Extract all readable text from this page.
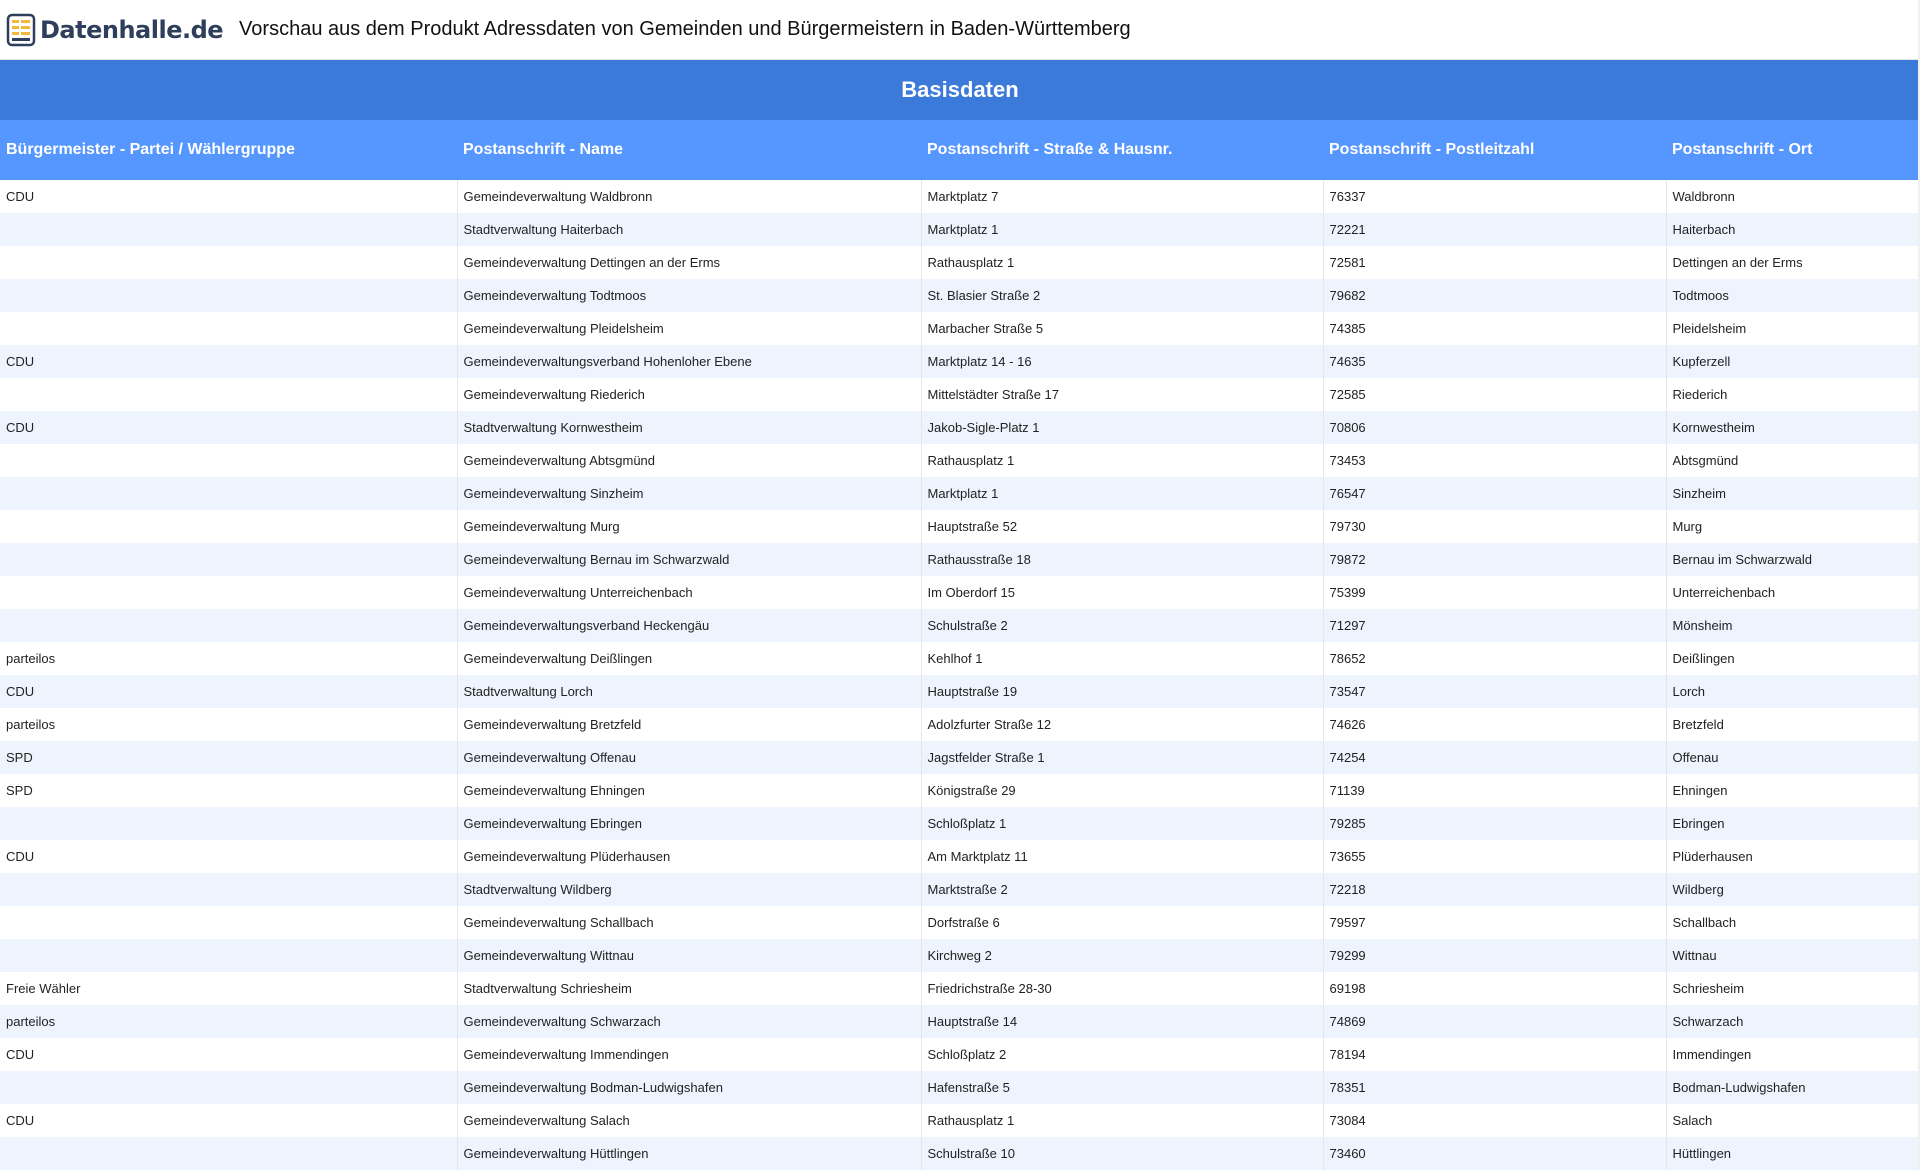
Datenhalle.de Vorschau aus dem Produkt Adressdaten von Gemeinden und Bürgermeistern in Baden-Württemberg
Basisdaten
Bürgermeister - Partei / Wählergruppe	Postanschrift - Name	Postanschrift - Straße & Hausnr.	Postanschrift - Postleitzahl	Postanschrift - Ort
CDU	Gemeindeverwaltung Waldbronn	Marktplatz 7	76337	Waldbronn
	Stadtverwaltung Haiterbach	Marktplatz 1	72221	Haiterbach
	Gemeindeverwaltung Dettingen an der Erms	Rathausplatz 1	72581	Dettingen an der Erms
	Gemeindeverwaltung Todtmoos	St. Blasier Straße 2	79682	Todtmoos
	Gemeindeverwaltung Pleidelsheim	Marbacher Straße 5	74385	Pleidelsheim
CDU	Gemeindeverwaltungsverband Hohenloher Ebene	Marktplatz 14 - 16	74635	Kupferzell
	Gemeindeverwaltung Riederich	Mittelstädter Straße 17	72585	Riederich
CDU	Stadtverwaltung Kornwestheim	Jakob-Sigle-Platz 1	70806	Kornwestheim
	Gemeindeverwaltung Abtsgmünd	Rathausplatz 1	73453	Abtsgmünd
	Gemeindeverwaltung Sinzheim	Marktplatz 1	76547	Sinzheim
	Gemeindeverwaltung Murg	Hauptstraße 52	79730	Murg
	Gemeindeverwaltung Bernau im Schwarzwald	Rathausstraße 18	79872	Bernau im Schwarzwald
	Gemeindeverwaltung Unterreichenbach	Im Oberdorf 15	75399	Unterreichenbach
	Gemeindeverwaltungsverband Heckengäu	Schulstraße 2	71297	Mönsheim
parteilos	Gemeindeverwaltung Deißlingen	Kehlhof 1	78652	Deißlingen
CDU	Stadtverwaltung Lorch	Hauptstraße 19	73547	Lorch
parteilos	Gemeindeverwaltung Bretzfeld	Adolzfurter Straße 12	74626	Bretzfeld
SPD	Gemeindeverwaltung Offenau	Jagstfelder Straße 1	74254	Offenau
SPD	Gemeindeverwaltung Ehningen	Königstraße 29	71139	Ehningen
	Gemeindeverwaltung Ebringen	Schloßplatz 1	79285	Ebringen
CDU	Gemeindeverwaltung Plüderhausen	Am Marktplatz 11	73655	Plüderhausen
	Stadtverwaltung Wildberg	Marktstraße 2	72218	Wildberg
	Gemeindeverwaltung Schallbach	Dorfstraße 6	79597	Schallbach
	Gemeindeverwaltung Wittnau	Kirchweg 2	79299	Wittnau
Freie Wähler	Stadtverwaltung Schriesheim	Friedrichstraße 28-30	69198	Schriesheim
parteilos	Gemeindeverwaltung Schwarzach	Hauptstraße 14	74869	Schwarzach
CDU	Gemeindeverwaltung Immendingen	Schloßplatz 2	78194	Immendingen
	Gemeindeverwaltung Bodman-Ludwigshafen	Hafenstraße 5	78351	Bodman-Ludwigshafen
CDU	Gemeindeverwaltung Salach	Rathausplatz 1	73084	Salach
	Gemeindeverwaltung Hüttlingen	Schulstraße 10	73460	Hüttlingen
